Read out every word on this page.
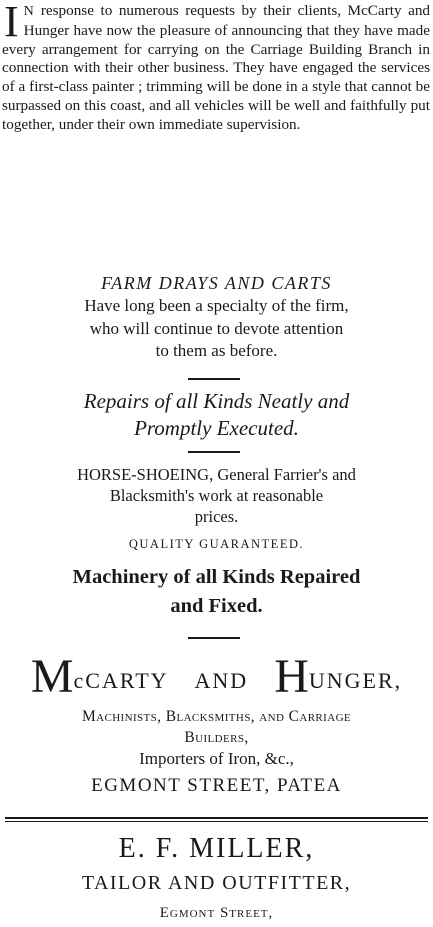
I N response to numerous requests by their clients, McCarty and Hunger have now the pleasure of announcing that they have made every arrangement for carrying on the Carriage Building Branch in connection with their other business. They have engaged the services of a first-class painter ; trimming will be done in a style that cannot be surpassed on this coast, and all vehicles will be well and faithfully put together, under their own immediate supervision.
FARM DRAYS AND CARTS
Have long been a specialty of the firm,
who will continue to devote attention
to them as before.
Repairs of all Kinds Neatly and
Promptly Executed.
HORSE-SHOEING, General Farrier's and
Blacksmith's work at reasonable
prices.
QUALITY GUARANTEED.
Machinery of all Kinds Repaired
and Fixed.
McCARTY AND HUNGER,
Machinists, Blacksmiths, and Carriage
Builders,
Importers of Iron, &c.,
EGMONT STREET, PATEA
E. F. MILLER,
TAILOR AND OUTFITTER,
Egmont Street,
